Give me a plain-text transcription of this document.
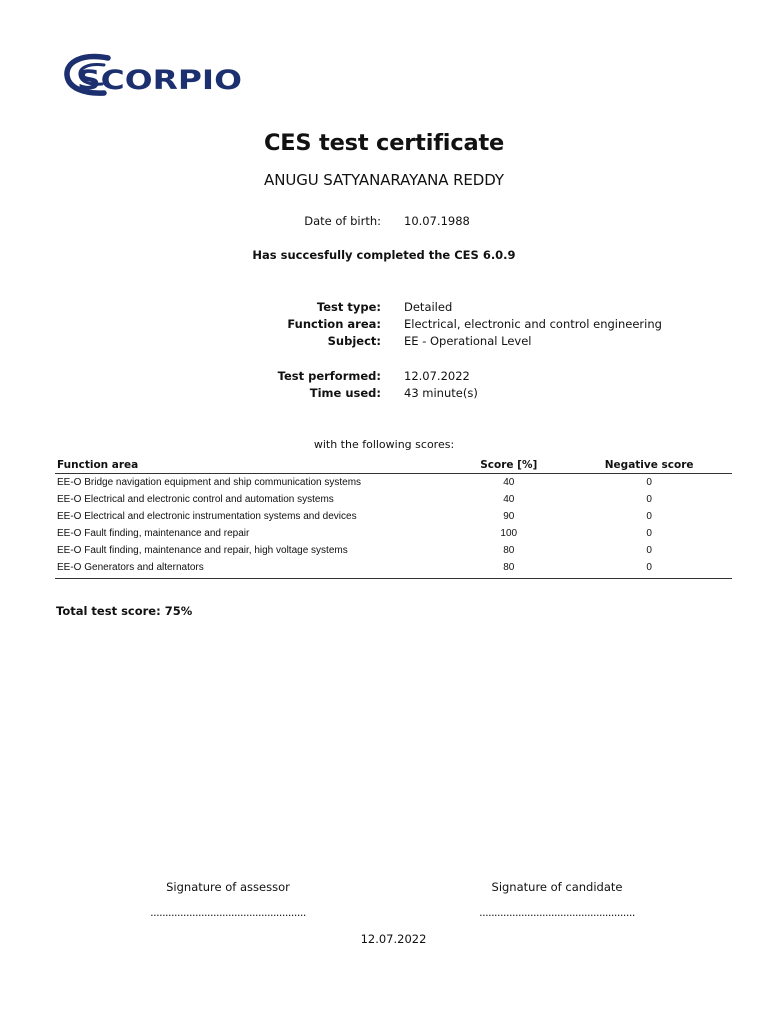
SCORPIO
CES test certificate
ANUGU SATYANARAYANA REDDY
Date of birth: 10.07.1988
Has succesfully completed the CES 6.0.9
Test type: Detailed
Function area: Electrical, electronic and control engineering
Subject: EE - Operational Level
Test performed: 12.07.2022
Time used: 43 minute(s)
with the following scores:
Function area	Score [%]	Negative score
EE-O Bridge navigation equipment and ship communication systems	40	0
EE-O Electrical and electronic control and automation systems	40	0
EE-O Electrical and electronic instrumentation systems and devices	90	0
EE-O Fault finding, maintenance and repair	100	0
EE-O Fault finding, maintenance and repair, high voltage systems	80	0
EE-O Generators and alternators	80	0
Total test score: 75%
Signature of assessor	Signature of candidate
....................................................	....................................................
12.07.2022
